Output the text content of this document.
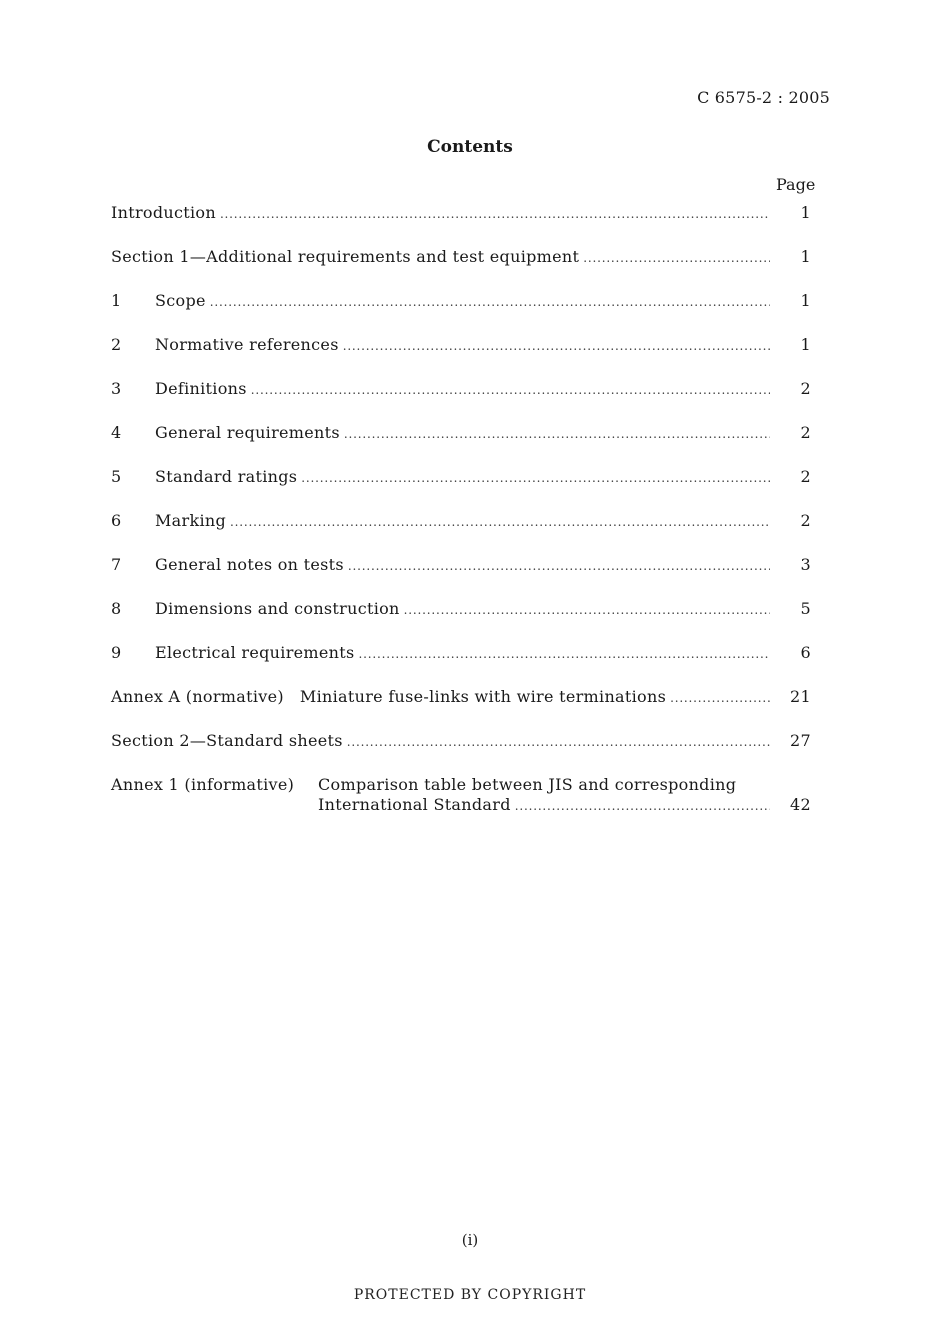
C 6575-2 : 2005
Contents
Page
Introduction .....	1
Section 1—Additional requirements and test equipment .....	1
1	Scope .....	1
2	Normative references .....	1
3	Definitions .....	2
4	General requirements .....	2
5	Standard ratings .....	2
6	Marking .....	2
7	General notes on tests .....	3
8	Dimensions and construction .....	5
9	Electrical requirements .....	6
Annex A (normative) Miniature fuse-links with wire terminations .....	21
Section 2—Standard sheets .....	27
Annex 1 (informative)	Comparison table between JIS and corresponding
International Standard .....	42
(i)
PROTECTED BY COPYRIGHT
